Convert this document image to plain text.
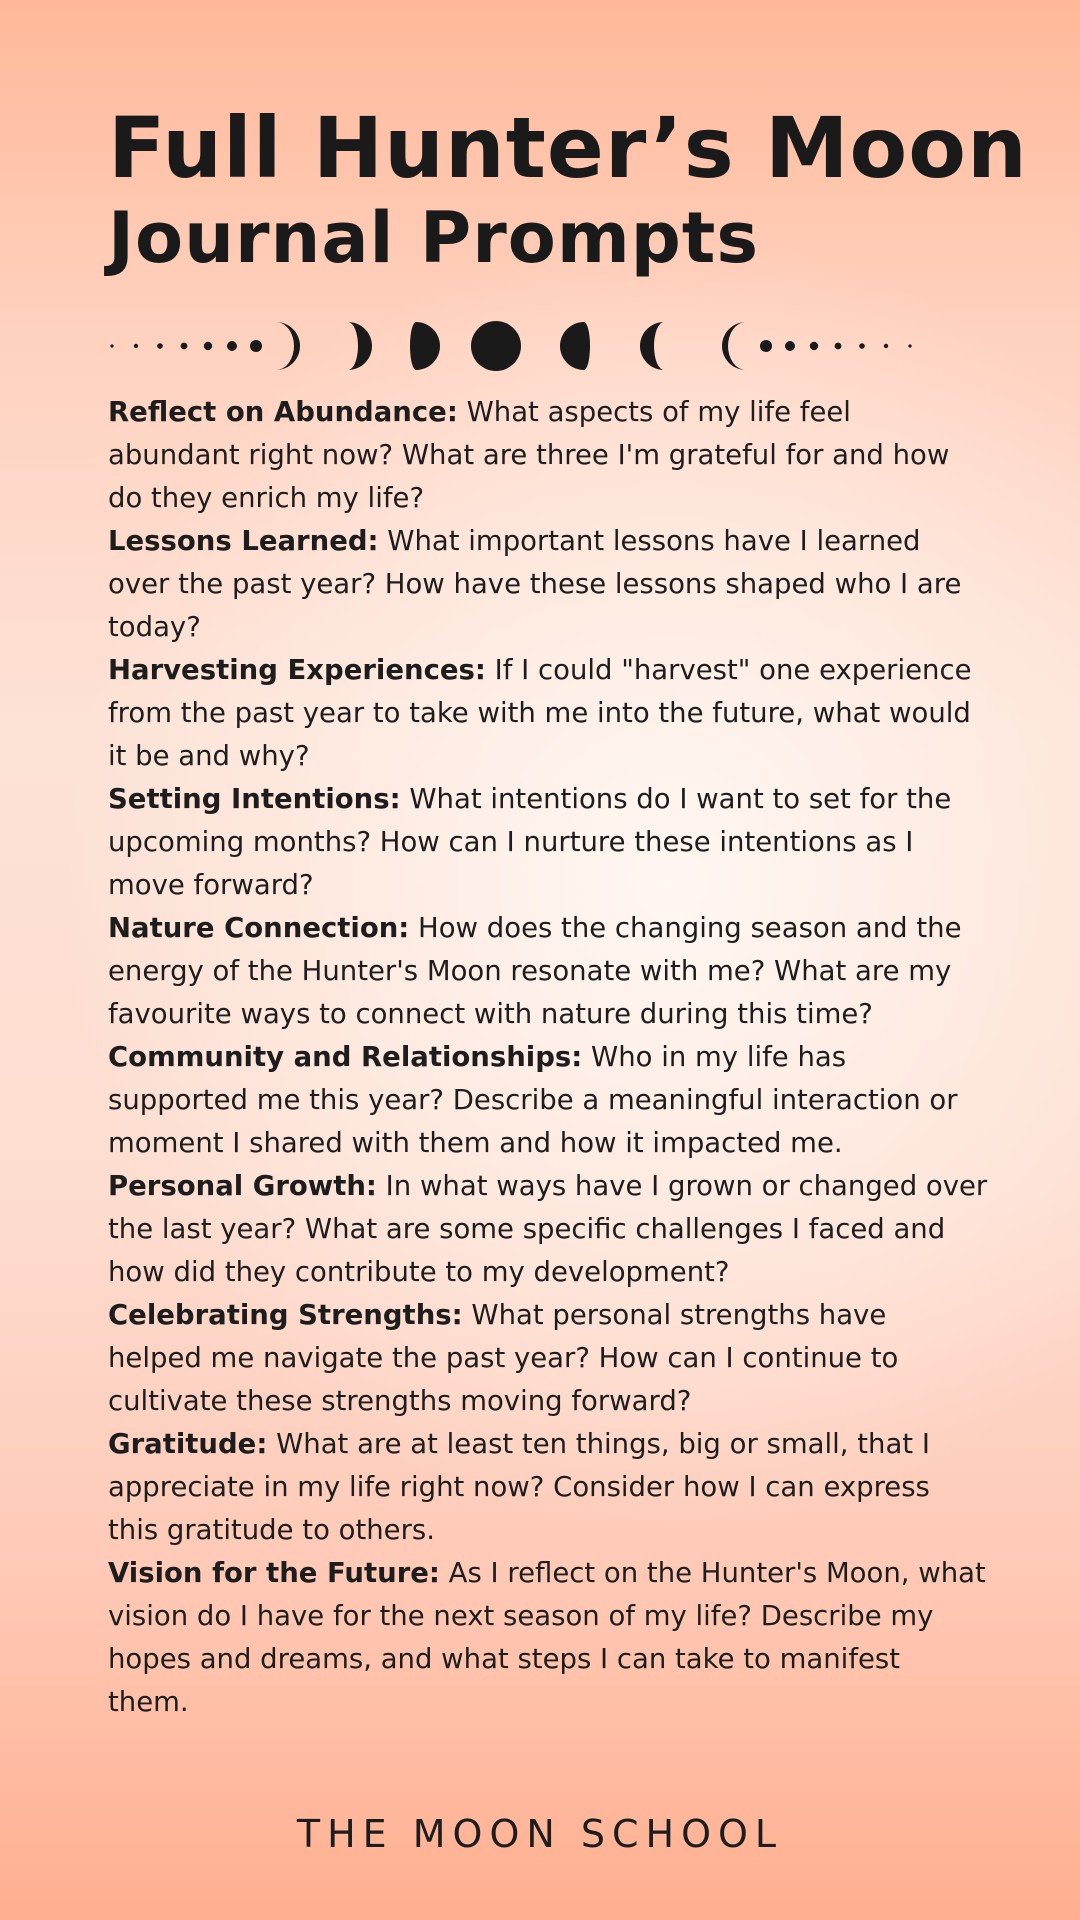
Full Hunter’s Moon
Journal Prompts

Reflect on Abundance: What aspects of my life feel abundant right now? What are three I'm grateful for and how do they enrich my life?

Lessons Learned: What important lessons have I learned over the past year? How have these lessons shaped who I are today?

Harvesting Experiences: If I could "harvest" one experience from the past year to take with me into the future, what would it be and why?

Setting Intentions: What intentions do I want to set for the upcoming months? How can I nurture these intentions as I move forward?

Nature Connection: How does the changing season and the energy of the Hunter's Moon resonate with me? What are my favourite ways to connect with nature during this time?

Community and Relationships: Who in my life has supported me this year? Describe a meaningful interaction or moment I shared with them and how it impacted me.

Personal Growth: In what ways have I grown or changed over the last year? What are some specific challenges I faced and how did they contribute to my development?

Celebrating Strengths: What personal strengths have helped me navigate the past year? How can I continue to cultivate these strengths moving forward?

Gratitude: What are at least ten things, big or small, that I appreciate in my life right now? Consider how I can express this gratitude to others.

Vision for the Future: As I reflect on the Hunter's Moon, what vision do I have for the next season of my life? Describe my hopes and dreams, and what steps I can take to manifest them.

THE MOON SCHOOL
